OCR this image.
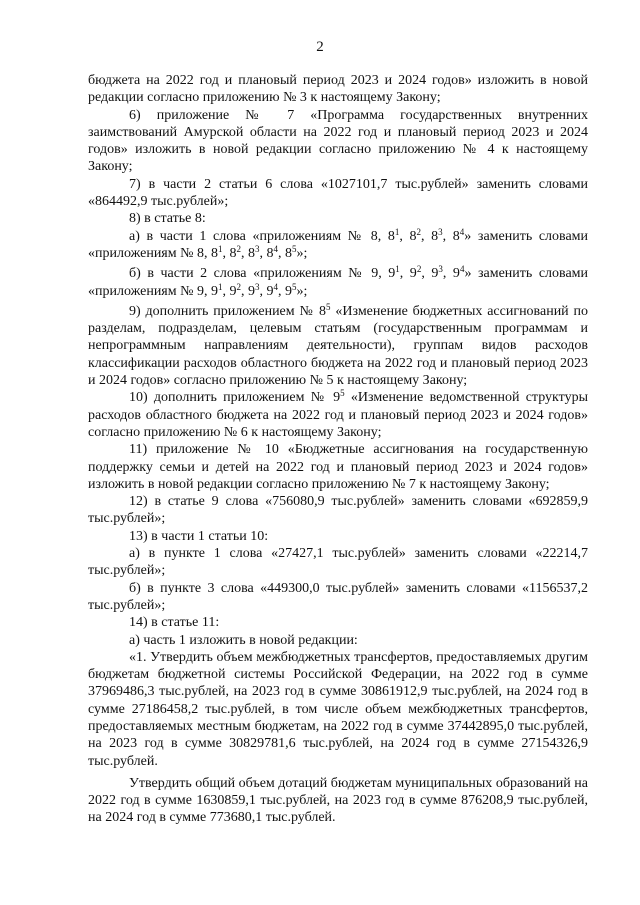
2

бюджета на 2022 год и плановый период 2023 и 2024 годов» изложить в новой редакции согласно приложению № 3 к настоящему Закону;

6) приложение № 7 «Программа государственных внутренних заимствований Амурской области на 2022 год и плановый период 2023 и 2024 годов» изложить в новой редакции согласно приложению № 4 к настоящему Закону;

7) в части 2 статьи 6 слова «1027101,7 тыс.рублей» заменить словами «864492,9 тыс.рублей»;

8) в статье 8:

а) в части 1 слова «приложениям № 8, $8^1$, $8^2$, $8^3$, $8^4$» заменить словами «приложениям № 8, $8^1$, $8^2$, $8^3$, $8^4$, $8^5$»;

б) в части 2 слова «приложениям № 9, $9^1$, $9^2$, $9^3$, $9^4$» заменить словами «приложениям № 9, $9^1$, $9^2$, $9^3$, $9^4$, $9^5$»;

9) дополнить приложением № $8^5$ «Изменение бюджетных ассигнований по разделам, подразделам, целевым статьям (государственным программам и непрограммным направлениям деятельности), группам видов расходов классификации расходов областного бюджета на 2022 год и плановый период 2023 и 2024 годов» согласно приложению № 5 к настоящему Закону;

10) дополнить приложением № $9^5$ «Изменение ведомственной структуры расходов областного бюджета на 2022 год и плановый период 2023 и 2024 годов» согласно приложению № 6 к настоящему Закону;

11) приложение № 10 «Бюджетные ассигнования на государственную поддержку семьи и детей на 2022 год и плановый период 2023 и 2024 годов» изложить в новой редакции согласно приложению № 7 к настоящему Закону;

12) в статье 9 слова «756080,9 тыс.рублей» заменить словами «692859,9 тыс.рублей»;

13) в части 1 статьи 10:

а) в пункте 1 слова «27427,1 тыс.рублей» заменить словами «22214,7 тыс.рублей»;

б) в пункте 3 слова «449300,0 тыс.рублей» заменить словами «1156537,2 тыс.рублей»;

14) в статье 11:

а) часть 1 изложить в новой редакции:

«1. Утвердить объем межбюджетных трансфертов, предоставляемых другим бюджетам бюджетной системы Российской Федерации, на 2022 год в сумме 37969486,3 тыс.рублей, на 2023 год в сумме 30861912,9 тыс.рублей, на 2024 год в сумме 27186458,2 тыс.рублей, в том числе объем межбюджетных трансфертов, предоставляемых местным бюджетам, на 2022 год в сумме 37442895,0 тыс.рублей, на 2023 год в сумме 30829781,6 тыс.рублей, на 2024 год в сумме 27154326,9 тыс.рублей.

Утвердить общий объем дотаций бюджетам муниципальных образований на 2022 год в сумме 1630859,1 тыс.рублей, на 2023 год в сумме 876208,9 тыс.рублей, на 2024 год в сумме 773680,1 тыс.рублей.
